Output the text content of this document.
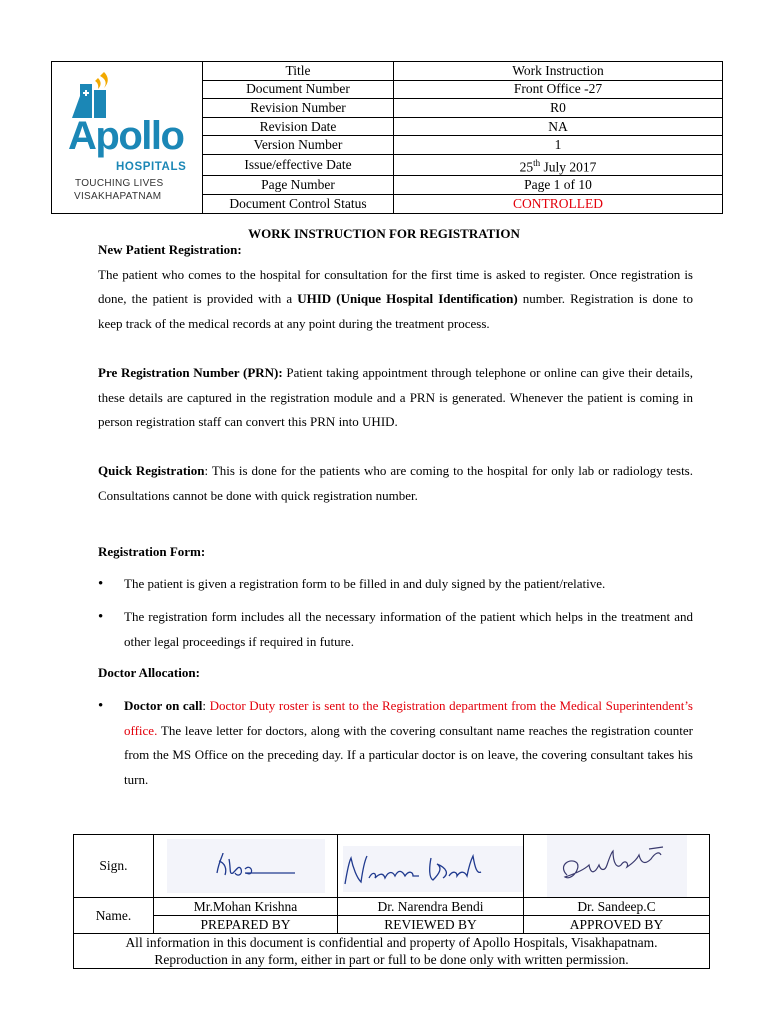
Apollo
HOSPITALS
TOUCHING LIVES
VISAKHAPATNAM	Title	Work Instruction
	Document Number	Front Office -27
	Revision Number	R0
	Revision Date	NA
	Version Number	1
	Issue/effective Date	25th July 2017
	Page Number	Page 1 of 10
	Document Control Status	CONTROLLED
WORK INSTRUCTION FOR REGISTRATION
New Patient Registration:
The patient who comes to the hospital for consultation for the first time is asked to register. Once registration is done, the patient is provided with a UHID (Unique Hospital Identification) number. Registration is done to keep track of the medical records at any point during the treatment process.
Pre Registration Number (PRN): Patient taking appointment through telephone or online can give their details, these details are captured in the registration module and a PRN is generated. Whenever the patient is coming in person registration staff can convert this PRN into UHID.
Quick Registration: This is done for the patients who are coming to the hospital for only lab or radiology tests. Consultations cannot be done with quick registration number.
Registration Form:
• The patient is given a registration form to be filled in and duly signed by the patient/relative.
• The registration form includes all the necessary information of the patient which helps in the treatment and other legal proceedings if required in future.
Doctor Allocation:
• Doctor on call: Doctor Duty roster is sent to the Registration department from the Medical Superintendent’s office. The leave letter for doctors, along with the covering consultant name reaches the registration counter from the MS Office on the preceding day. If a particular doctor is on leave, the covering consultant takes his turn.
Sign.	

Name.	Mr.Mohan Krishna	Dr. Narendra Bendi	Dr. Sandeep.C
	PREPARED BY	REVIEWED BY	APPROVED BY

All information in this document is confidential and property of Apollo Hospitals, Visakhapatnam.
Reproduction in any form, either in part or full to be done only with written permission.			
